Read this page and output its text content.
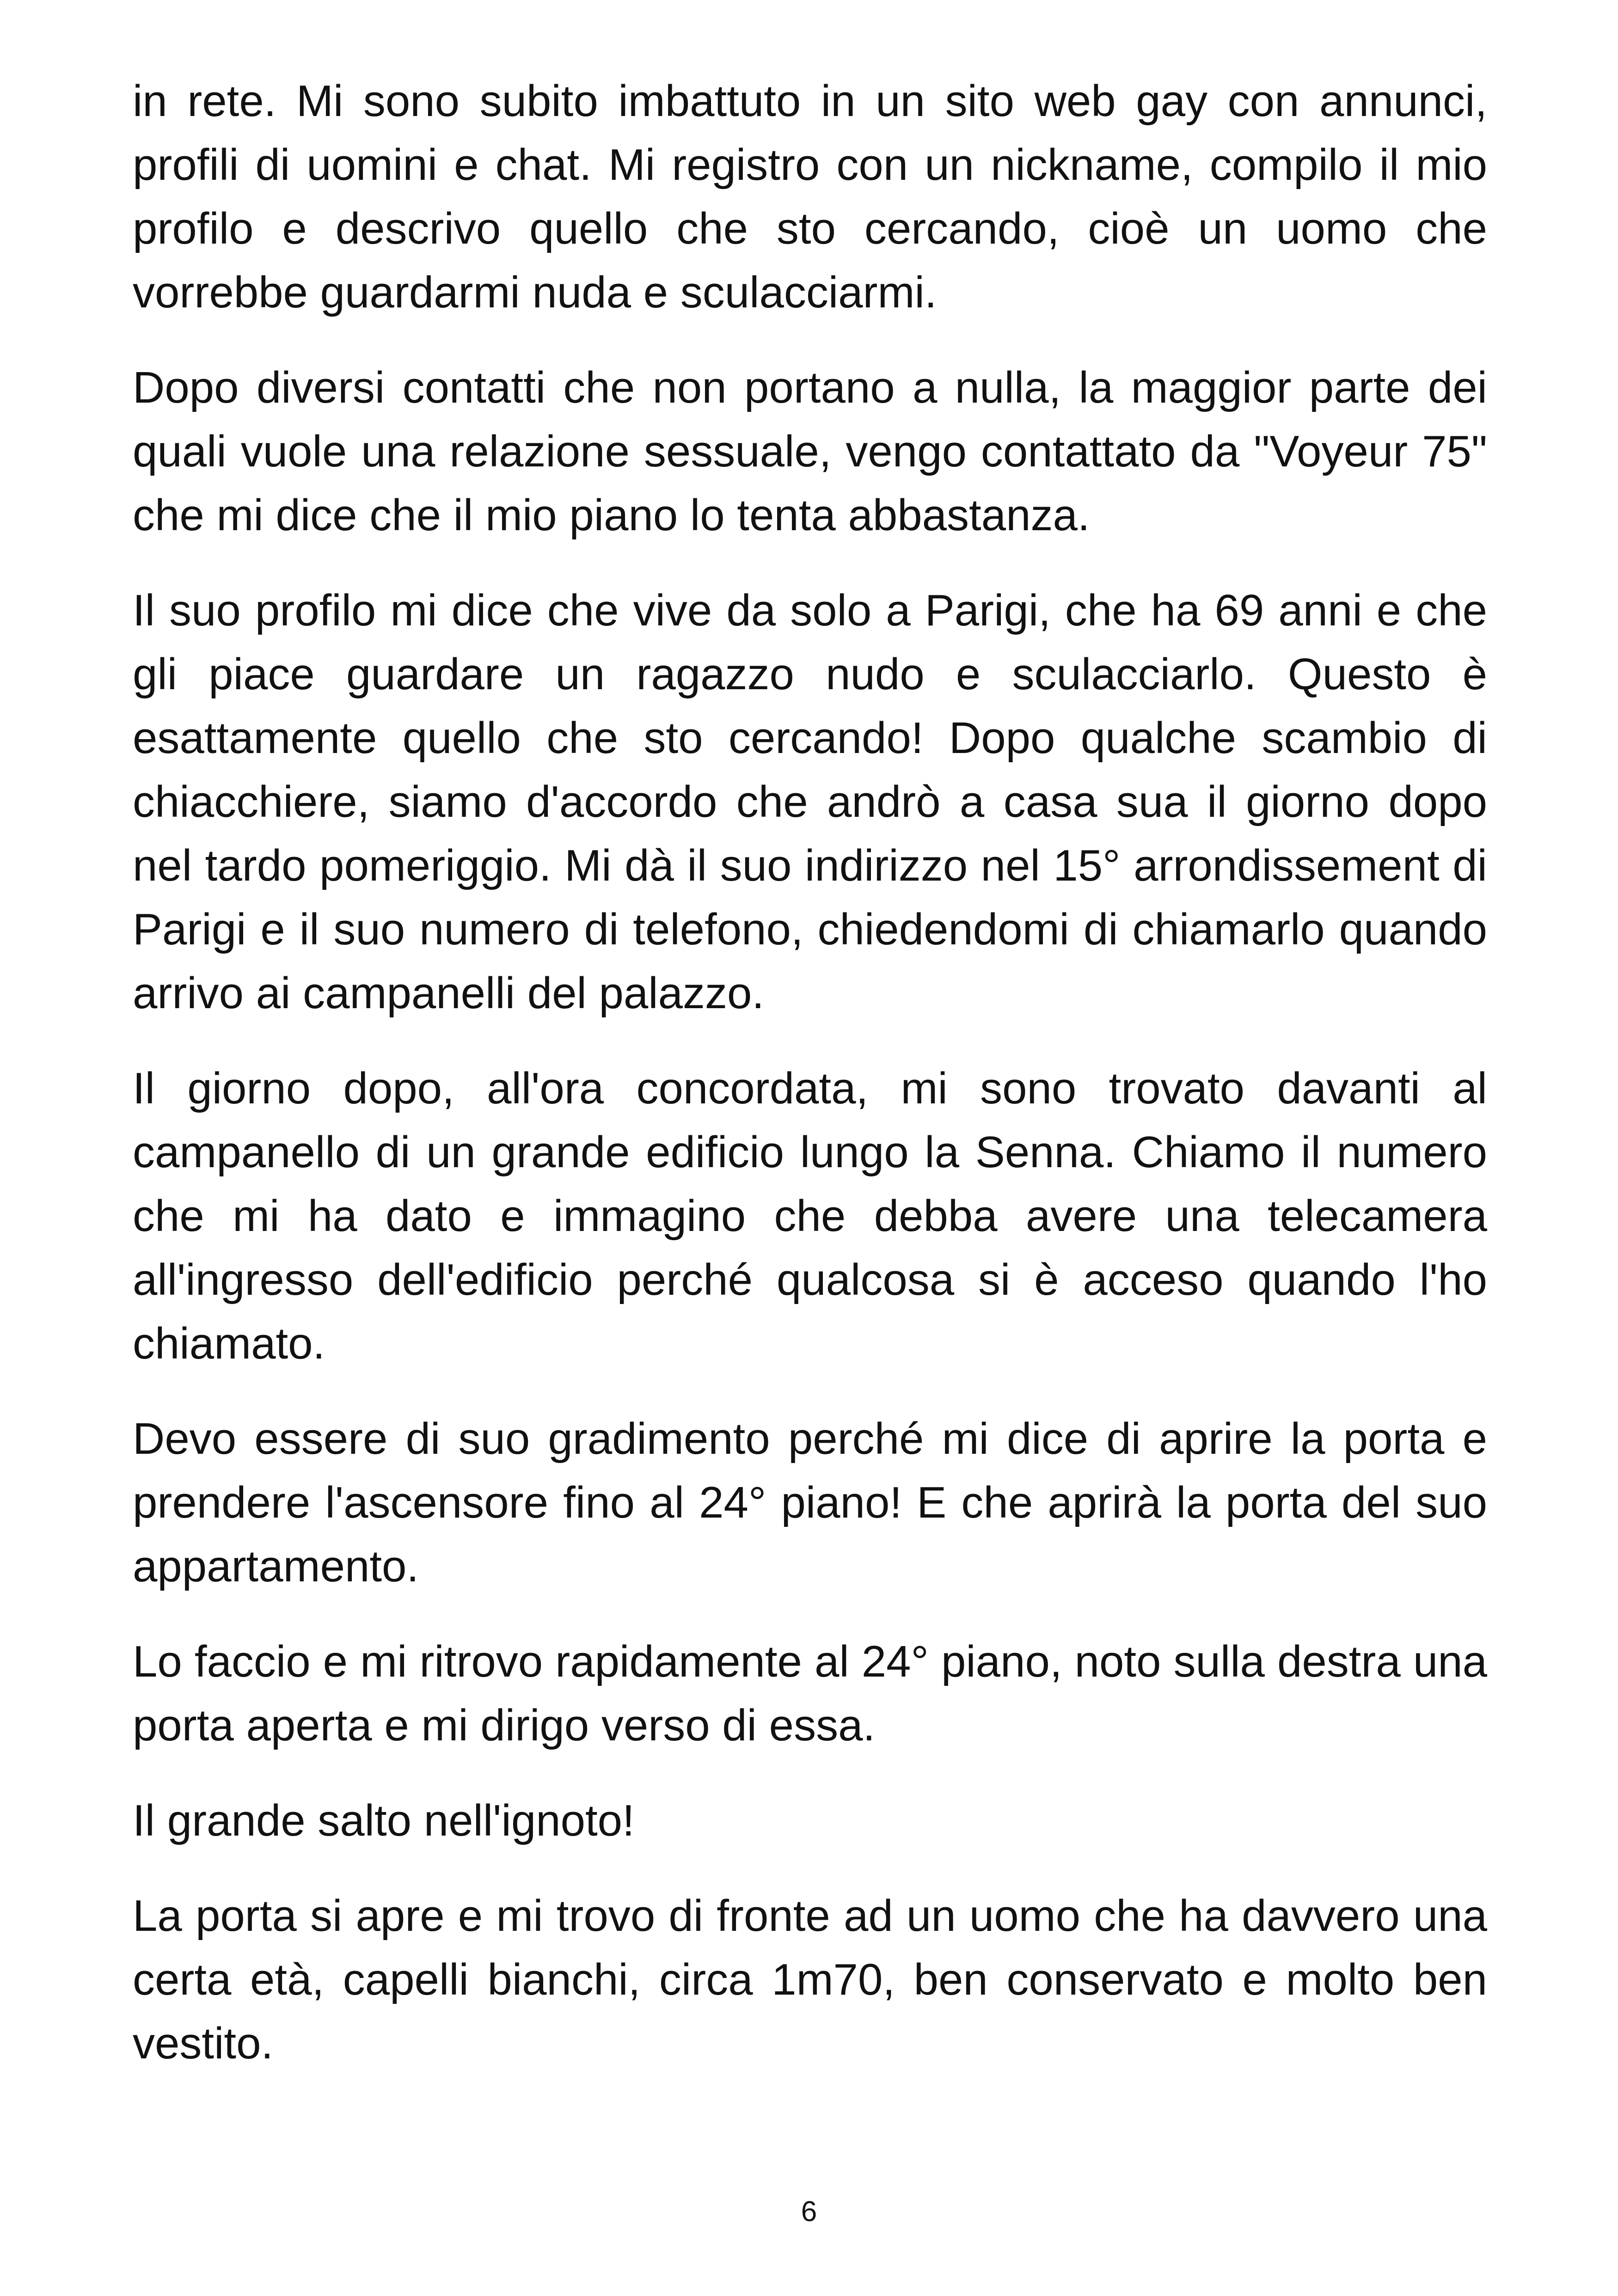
in rete. Mi sono subito imbattuto in un sito web gay con annunci, profili di uomini e chat. Mi registro con un nickname, compilo il mio profilo e descrivo quello che sto cercando, cioè un uomo che vorrebbe guardarmi nuda e sculacciarmi.

Dopo diversi contatti che non portano a nulla, la maggior parte dei quali vuole una relazione sessuale, vengo contattato da "Voyeur 75" che mi dice che il mio piano lo tenta abbastanza.

Il suo profilo mi dice che vive da solo a Parigi, che ha 69 anni e che gli piace guardare un ragazzo nudo e sculacciarlo. Questo è esattamente quello che sto cercando! Dopo qualche scambio di chiacchiere, siamo d'accordo che andrò a casa sua il giorno dopo nel tardo pomeriggio. Mi dà il suo indirizzo nel 15° arrondissement di Parigi e il suo numero di telefono, chiedendomi di chiamarlo quando arrivo ai campanelli del palazzo.

Il giorno dopo, all'ora concordata, mi sono trovato davanti al campanello di un grande edificio lungo la Senna. Chiamo il numero che mi ha dato e immagino che debba avere una telecamera all'ingresso dell'edificio perché qualcosa si è acceso quando l'ho chiamato.

Devo essere di suo gradimento perché mi dice di aprire la porta e prendere l'ascensore fino al 24° piano! E che aprirà la porta del suo appartamento.

Lo faccio e mi ritrovo rapidamente al 24° piano, noto sulla destra una porta aperta e mi dirigo verso di essa.

Il grande salto nell'ignoto!

La porta si apre e mi trovo di fronte ad un uomo che ha davvero una certa età, capelli bianchi, circa 1m70, ben conservato e molto ben vestito.

6
